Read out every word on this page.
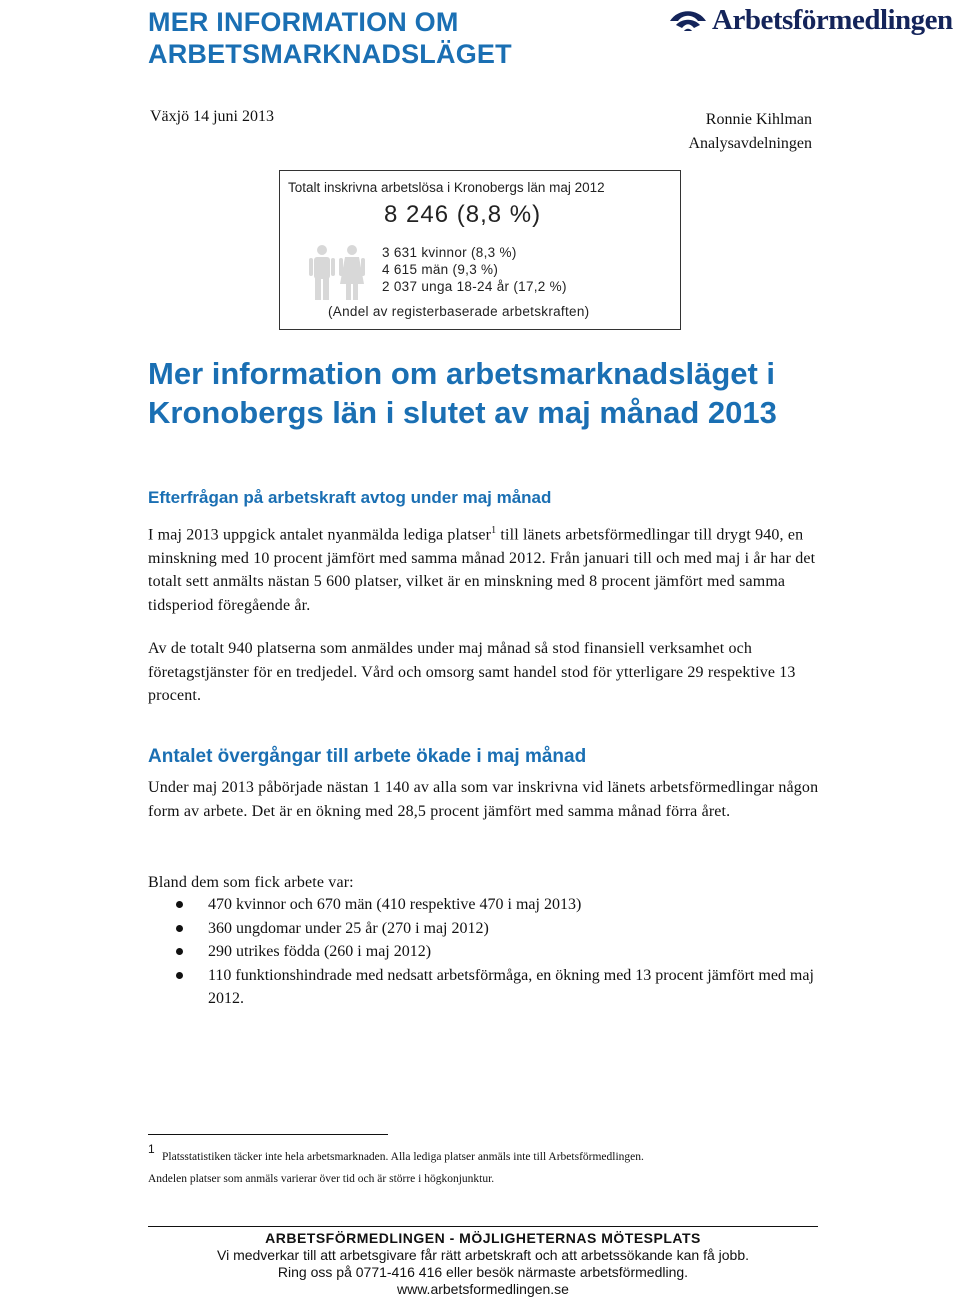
MER INFORMATION OM
ARBETSMARKNADSLÄGET
Arbetsförmedlingen
Växjö 14 juni 2013	Ronnie Kihlman
Analysavdelningen
Totalt inskrivna arbetslösa i Kronobergs län maj 2012
8 246 (8,8 %)
3 631 kvinnor (8,3 %)
4 615 män (9,3 %)
2 037 unga 18-24 år (17,2 %)
(Andel av registerbaserade arbetskraften)
Mer information om arbetsmarknadsläget i Kronobergs län i slutet av maj månad 2013
Efterfrågan på arbetskraft avtog under maj månad
I maj 2013 uppgick antalet nyanmälda lediga platser$^1$ till länets arbetsförmedlingar till drygt 940, en minskning med 10 procent jämfört med samma månad 2012. Från januari till och med maj i år har det totalt sett anmälts nästan 5 600 platser, vilket är en minskning med 8 procent jämfört med samma tidsperiod föregående år.
Av de totalt 940 platserna som anmäldes under maj månad så stod finansiell verksamhet och företagstjänster för en tredjedel. Vård och omsorg samt handel stod för ytterligare 29 respektive 13 procent.
Antalet övergångar till arbete ökade i maj månad
Under maj 2013 påbörjade nästan 1 140 av alla som var inskrivna vid länets arbetsförmedlingar någon form av arbete. Det är en ökning med 28,5 procent jämfört med samma månad förra året.
Bland dem som fick arbete var:
470 kvinnor och 670 män (410 respektive 470 i maj 2013)
360 ungdomar under 25 år (270 i maj 2012)
290 utrikes födda (260 i maj 2012)
110 funktionshindrade med nedsatt arbetsförmåga, en ökning med 13 procent jämfört med maj 2012.
1
Platsstatistiken täcker inte hela arbetsmarknaden. Alla lediga platser anmäls inte till Arbetsförmedlingen.
Andelen platser som anmäls varierar över tid och är större i högkonjunktur.
ARBETSFÖRMEDLINGEN - MÖJLIGHETERNAS MÖTESPLATS
Vi medverkar till att arbetsgivare får rätt arbetskraft och att arbetssökande kan få jobb.
Ring oss på 0771-416 416 eller besök närmaste arbetsförmedling.
www.arbetsformedlingen.se
